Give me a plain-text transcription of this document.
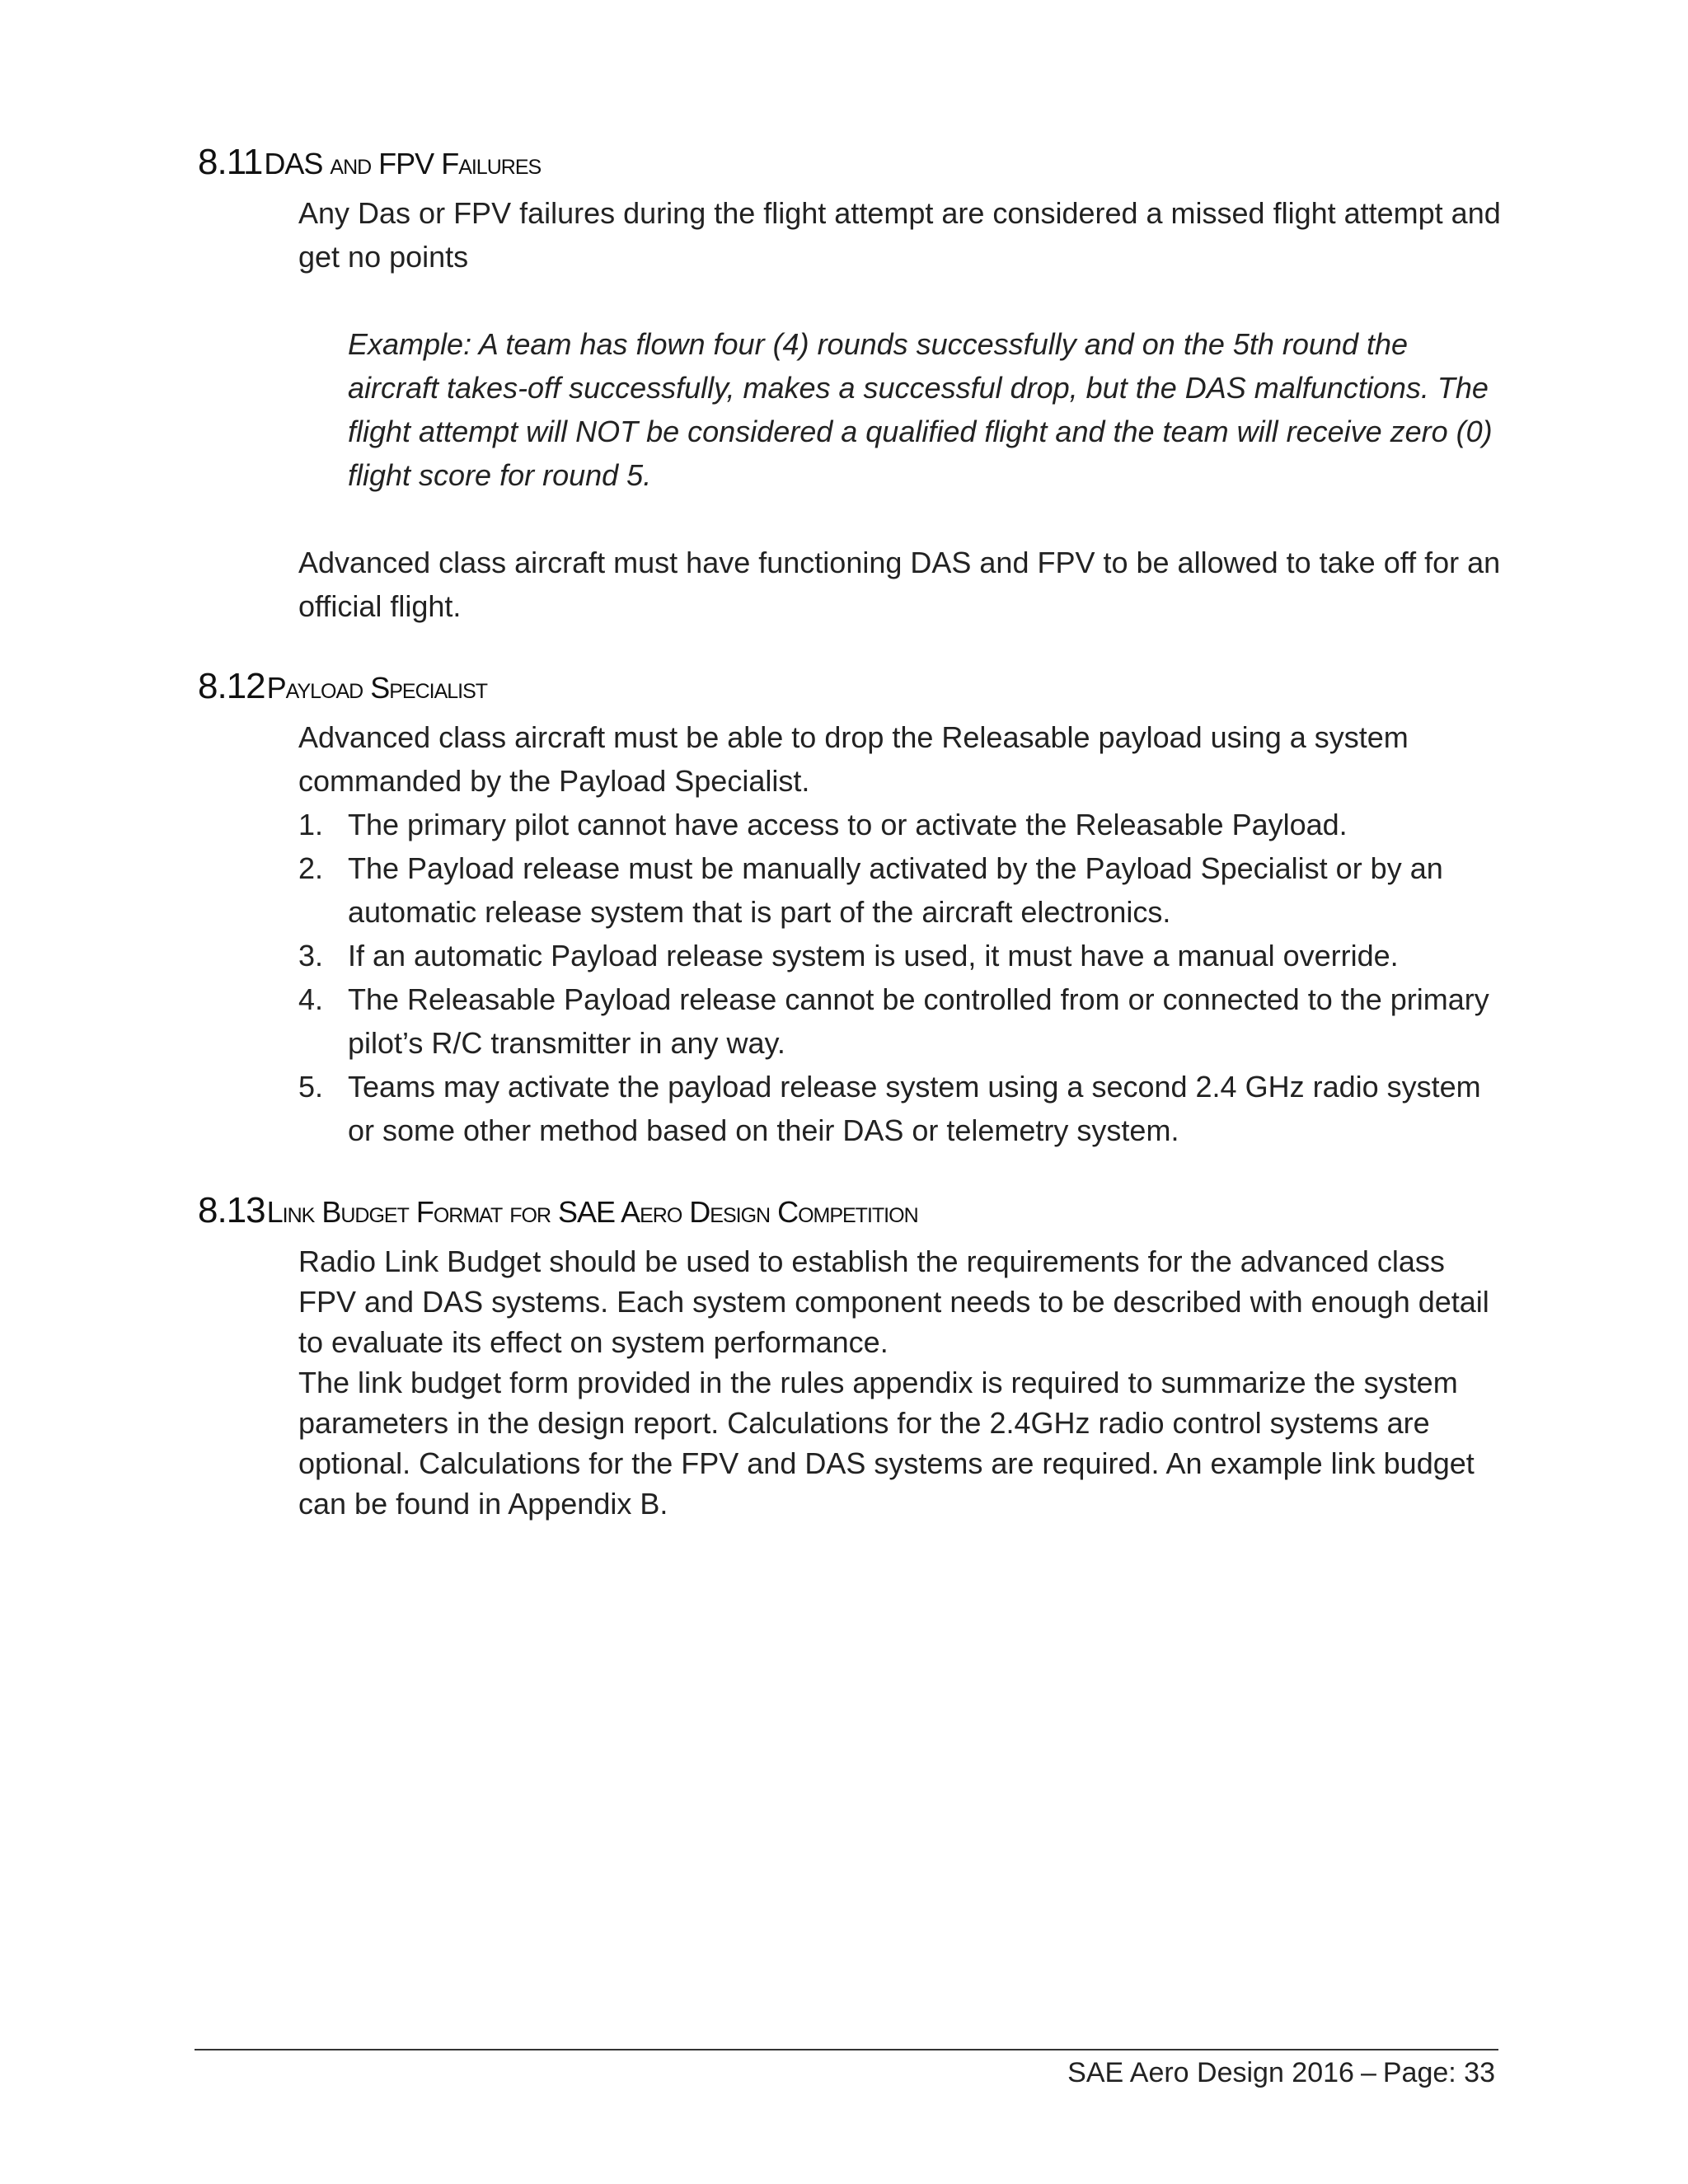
8.11 DAS and FPV Failures

Any Das or FPV failures during the flight attempt are considered a missed flight attempt and get no points

Example: A team has flown four (4) rounds successfully and on the 5th round the aircraft takes-off successfully, makes a successful drop, but the DAS malfunctions. The flight attempt will NOT be considered a qualified flight and the team will receive zero (0) flight score for round 5.

Advanced class aircraft must have functioning DAS and FPV to be allowed to take off for an official flight.

8.12 Payload Specialist

Advanced class aircraft must be able to drop the Releasable payload using a system commanded by the Payload Specialist.

1. The primary pilot cannot have access to or activate the Releasable Payload.
2. The Payload release must be manually activated by the Payload Specialist or by an automatic release system that is part of the aircraft electronics.
3. If an automatic Payload release system is used, it must have a manual override.
4. The Releasable Payload release cannot be controlled from or connected to the primary pilot’s R/C transmitter in any way.
5. Teams may activate the payload release system using a second 2.4 GHz radio system or some other method based on their DAS or telemetry system.
8.13 Link Budget Format for SAE Aero Design Competition

Radio Link Budget should be used to establish the requirements for the advanced class FPV and DAS systems. Each system component needs to be described with enough detail to evaluate its effect on system performance.

The link budget form provided in the rules appendix is required to summarize the system parameters in the design report. Calculations for the 2.4GHz radio control systems are optional. Calculations for the FPV and DAS systems are required. An example link budget can be found in Appendix B.

SAE Aero Design 2016 – Page: 33
